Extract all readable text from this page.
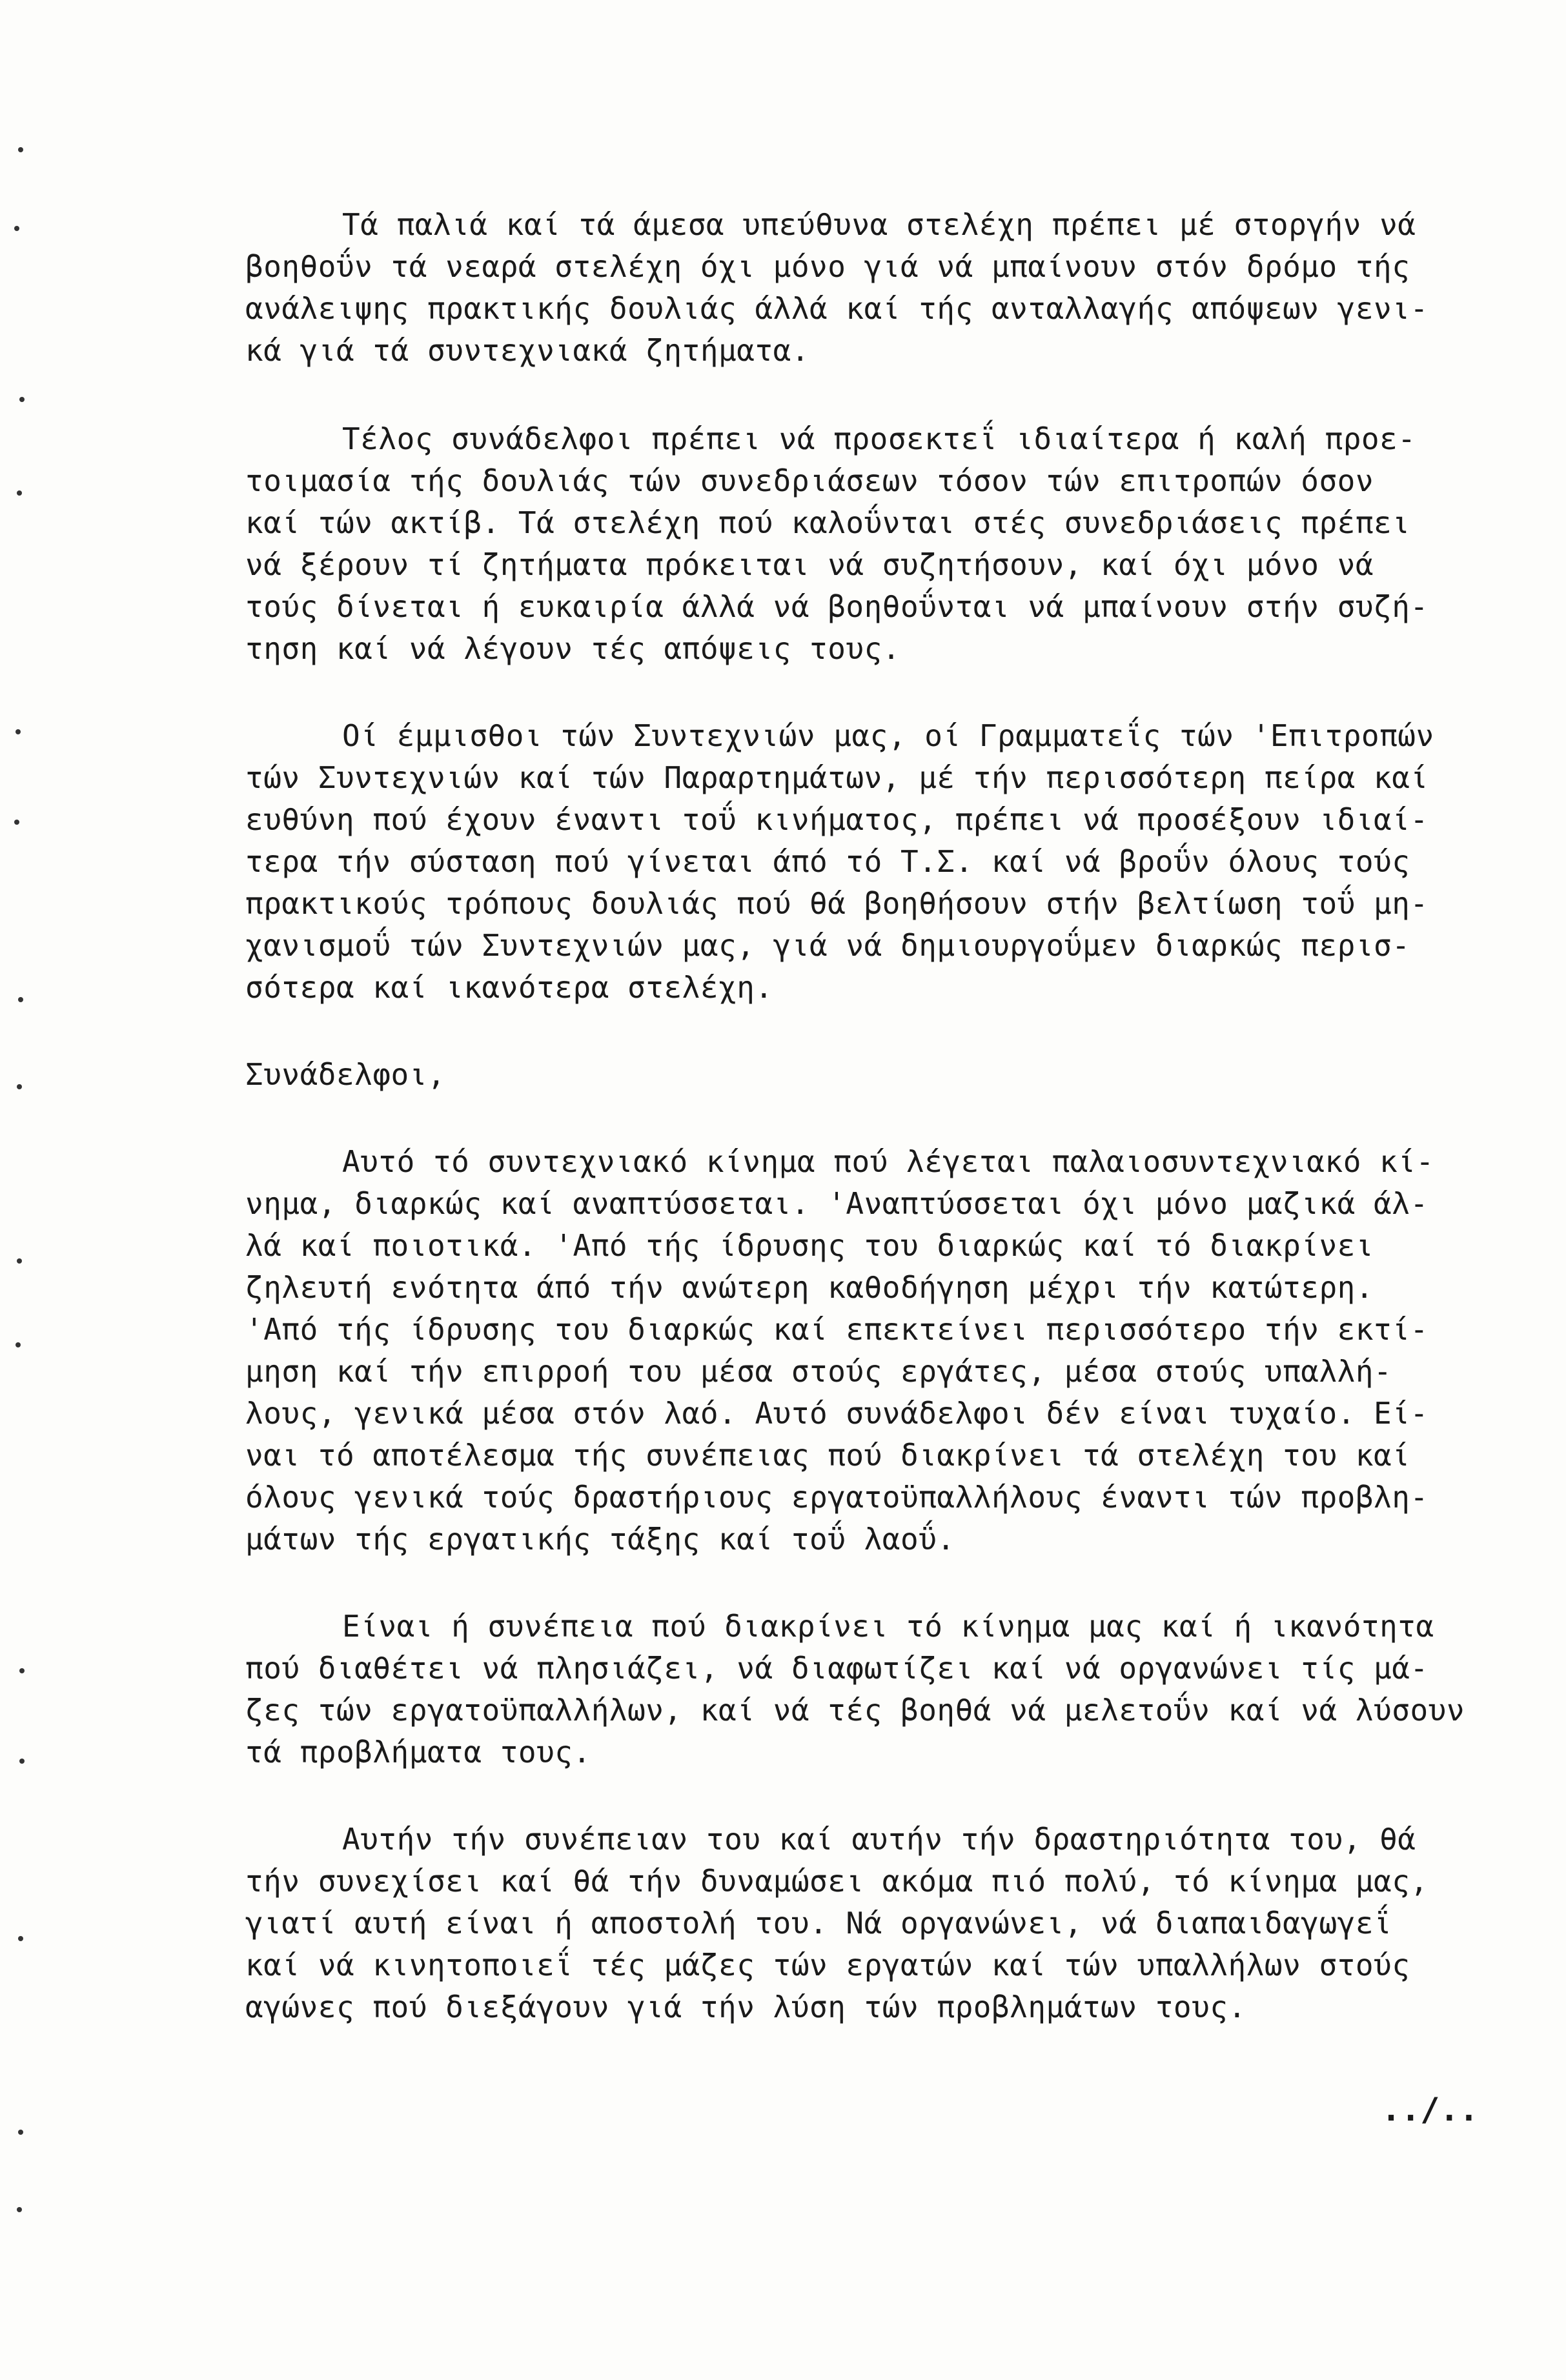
Τά παλιά καί τά άμεσα υπεύθυνα στελέχη πρέπει μέ στοργήν νά
βοηθοΰν τά νεαρά στελέχη όχι μόνο γιά νά μπαίνουν στόν δρόμο τής
ανάλειψης πρακτικής δουλιάς άλλά καί τής ανταλλαγής απόψεων γενι-
κά γιά τά συντεχνιακά ζητήματα.
Τέλος συνάδελφοι πρέπει νά προσεκτεΐ ιδιαίτερα ή καλή προε-
τοιμασία τής δουλιάς τών συνεδριάσεων τόσον τών επιτροπών όσον
καί τών ακτίβ. Τά στελέχη πού καλοΰνται στές συνεδριάσεις πρέπει
νά ξέρουν τί ζητήματα πρόκειται νά συζητήσουν, καί όχι μόνο νά
τούς δίνεται ή ευκαιρία άλλά νά βοηθοΰνται νά μπαίνουν στήν συζή-
τηση καί νά λέγουν τές απόψεις τους.
Οί έμμισθοι τών Συντεχνιών μας, οί Γραμματεΐς τών 'Επιτροπών
τών Συντεχνιών καί τών Παραρτημάτων, μέ τήν περισσότερη πείρα καί
ευθύνη πού έχουν έναντι τοΰ κινήματος, πρέπει νά προσέξουν ιδιαί-
τερα τήν σύσταση πού γίνεται άπό τό Τ.Σ. καί νά βροΰν όλους τούς
πρακτικούς τρόπους δουλιάς πού θά βοηθήσουν στήν βελτίωση τοΰ μη-
χανισμοΰ τών Συντεχνιών μας, γιά νά δημιουργοΰμεν διαρκώς περισ-
σότερα καί ικανότερα στελέχη.
Συνάδελφοι,
Αυτό τό συντεχνιακό κίνημα πού λέγεται παλαιοσυντεχνιακό κί-
νημα, διαρκώς καί αναπτύσσεται. 'Αναπτύσσεται όχι μόνο μαζικά άλ-
λά καί ποιοτικά. 'Από τής ίδρυσης του διαρκώς καί τό διακρίνει
ζηλευτή ενότητα άπό τήν ανώτερη καθοδήγηση μέχρι τήν κατώτερη.
'Από τής ίδρυσης του διαρκώς καί επεκτείνει περισσότερο τήν εκτί-
μηση καί τήν επιρροή του μέσα στούς εργάτες, μέσα στούς υπαλλή-
λους, γενικά μέσα στόν λαό. Αυτό συνάδελφοι δέν είναι τυχαίο. Εί-
ναι τό αποτέλεσμα τής συνέπειας πού διακρίνει τά στελέχη του καί
όλους γενικά τούς δραστήριους εργατοϋπαλλήλους έναντι τών προβλη-
μάτων τής εργατικής τάξης καί τοΰ λαοΰ.
Είναι ή συνέπεια πού διακρίνει τό κίνημα μας καί ή ικανότητα
πού διαθέτει νά πλησιάζει, νά διαφωτίζει καί νά οργανώνει τίς μά-
ζες τών εργατοϋπαλλήλων, καί νά τές βοηθά νά μελετοΰν καί νά λύσουν
τά προβλήματα τους.
Αυτήν τήν συνέπειαν του καί αυτήν τήν δραστηριότητα του, θά
τήν συνεχίσει καί θά τήν δυναμώσει ακόμα πιό πολύ, τό κίνημα μας,
γιατί αυτή είναι ή αποστολή του. Νά οργανώνει, νά διαπαιδαγωγεΐ
καί νά κινητοποιεΐ τές μάζες τών εργατών καί τών υπαλλήλων στούς
αγώνες πού διεξάγουν γιά τήν λύση τών προβλημάτων τους.
../..
